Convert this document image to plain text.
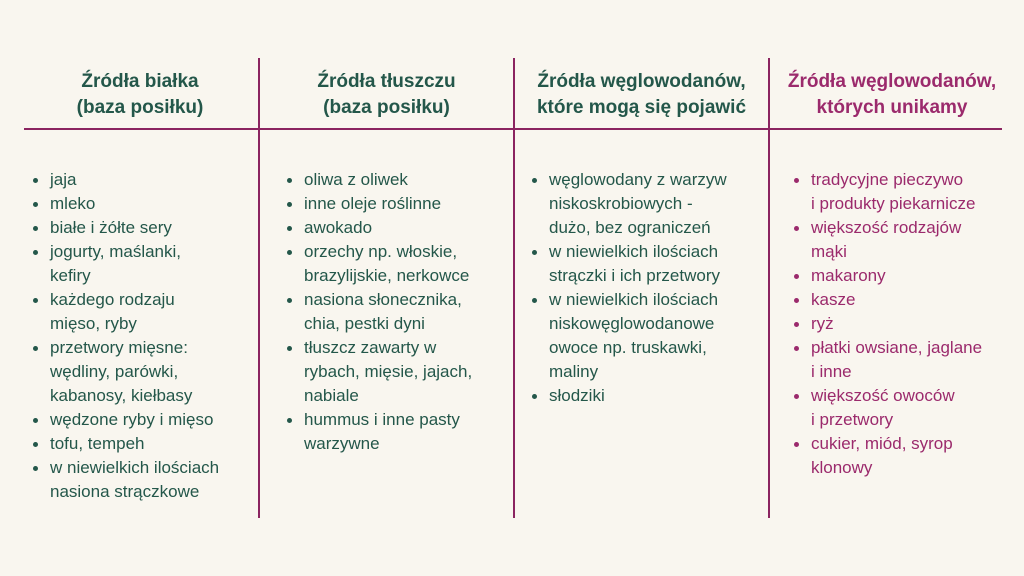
Źródła białka
(baza posiłku)
jaja
mleko
białe i żółte sery
jogurty, maślanki,
kefiry
każdego rodzaju
mięso, ryby
przetwory mięsne:
wędliny, parówki,
kabanosy, kiełbasy
wędzone ryby i mięso
tofu, tempeh
w niewielkich ilościach
nasiona strączkowe
Źródła tłuszczu
(baza posiłku)
oliwa z oliwek
inne oleje roślinne
awokado
orzechy np. włoskie,
brazylijskie, nerkowce
nasiona słonecznika,
chia, pestki dyni
tłuszcz zawarty w
rybach, mięsie, jajach,
nabiale
hummus i inne pasty
warzywne
Źródła węglowodanów,
które mogą się pojawić
węglowodany z warzyw
niskoskrobiowych -
dużo, bez ograniczeń
w niewielkich ilościach
strączki i ich przetwory
w niewielkich ilościach
niskowęglowodanowe
owoce np. truskawki,
maliny
słodziki
Źródła węglowodanów,
których unikamy
tradycyjne pieczywo
i produkty piekarnicze
większość rodzajów
mąki
makarony
kasze
ryż
płatki owsiane, jaglane
i inne
większość owoców
i przetwory
cukier, miód, syrop
klonowy
